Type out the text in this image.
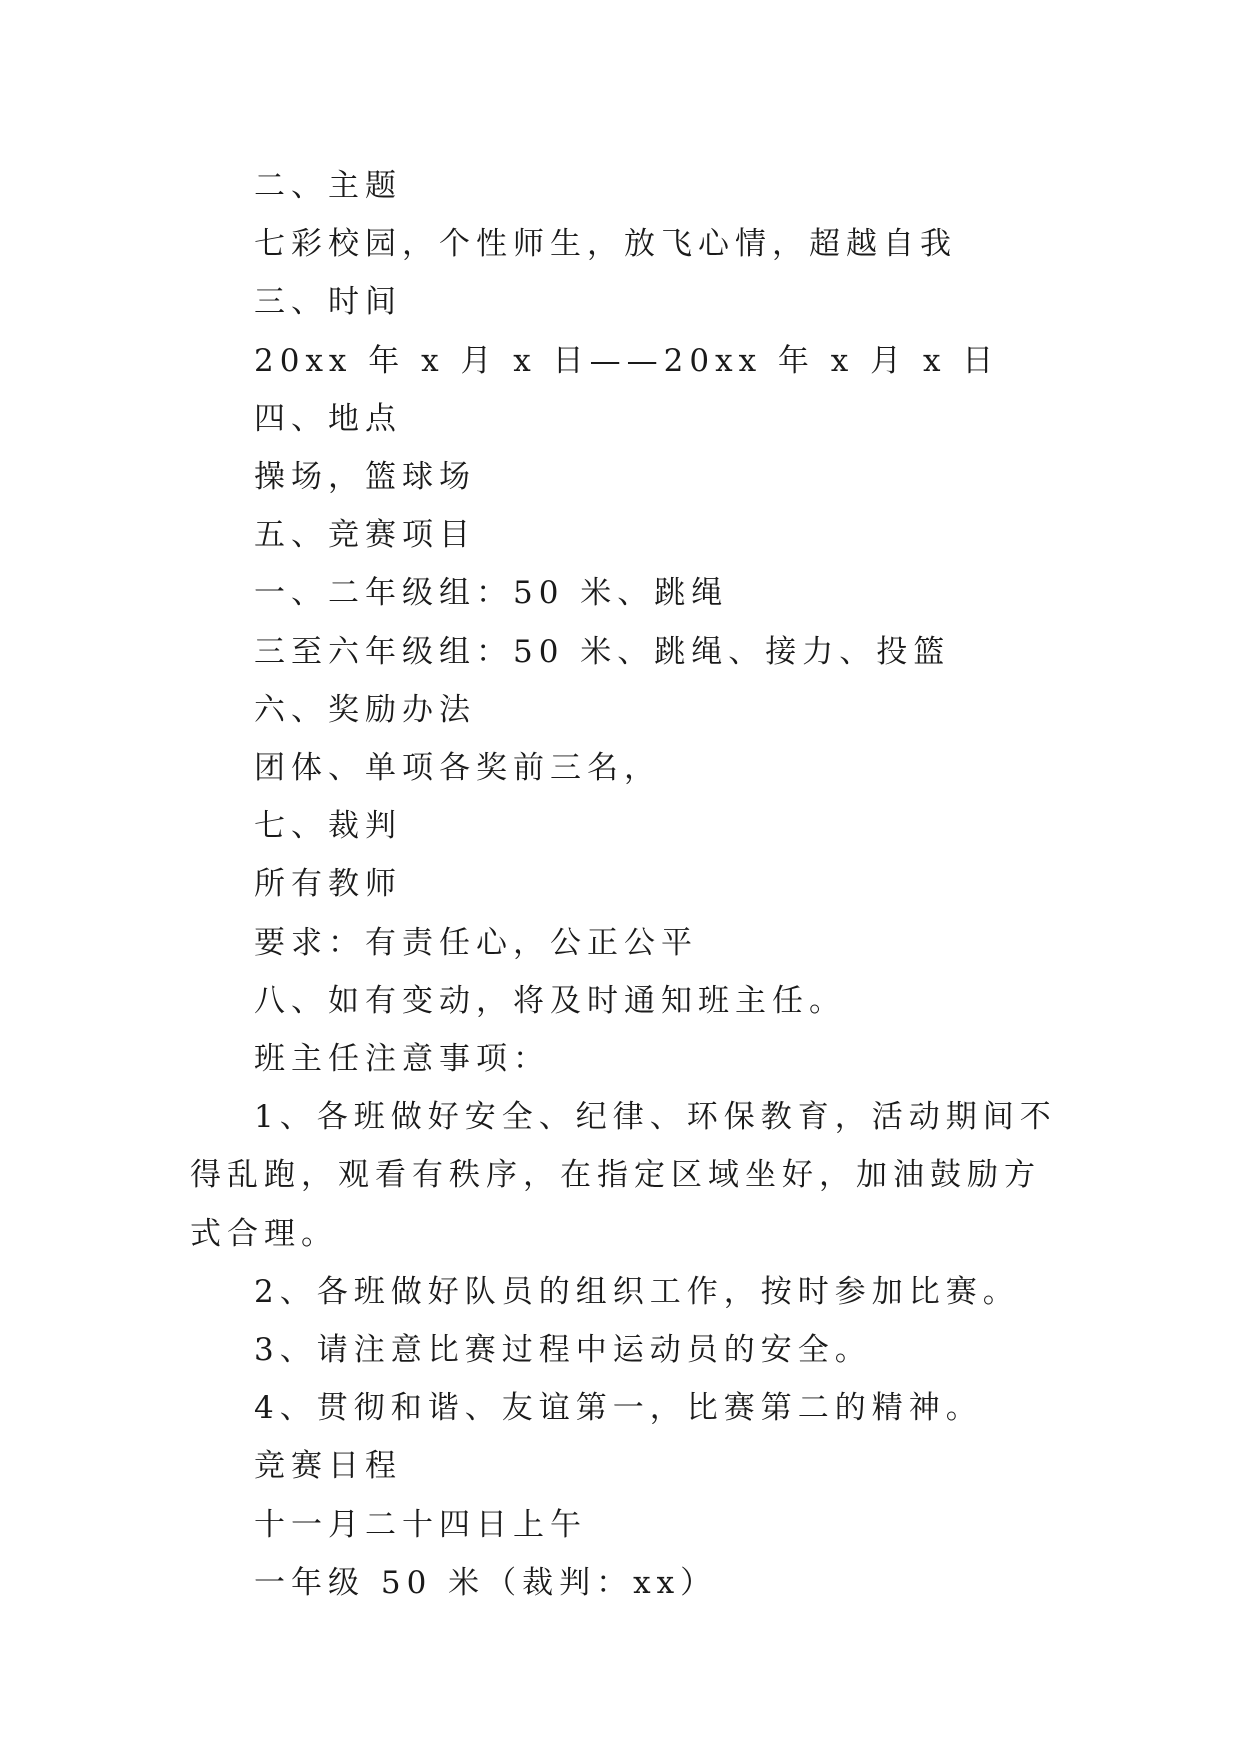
二、主题

七彩校园，个性师生，放飞心情，超越自我

三、时间

20xx 年 x 月 x 日——20xx 年 x 月 x 日

四、地点

操场，篮球场

五、竞赛项目

一、二年级组：50 米、跳绳

三至六年级组：50 米、跳绳、接力、投篮

六、奖励办法

团体、单项各奖前三名，

七、裁判

所有教师

要求：有责任心，公正公平

八、如有变动，将及时通知班主任。

班主任注意事项：

1、各班做好安全、纪律、环保教育，活动期间不得乱跑，观看有秩序，在指定区域坐好，加油鼓励方式合理。

2、各班做好队员的组织工作，按时参加比赛。

3、请注意比赛过程中运动员的安全。

4、贯彻和谐、友谊第一，比赛第二的精神。

竞赛日程

十一月二十四日上午

一年级 50 米（裁判：xx）
